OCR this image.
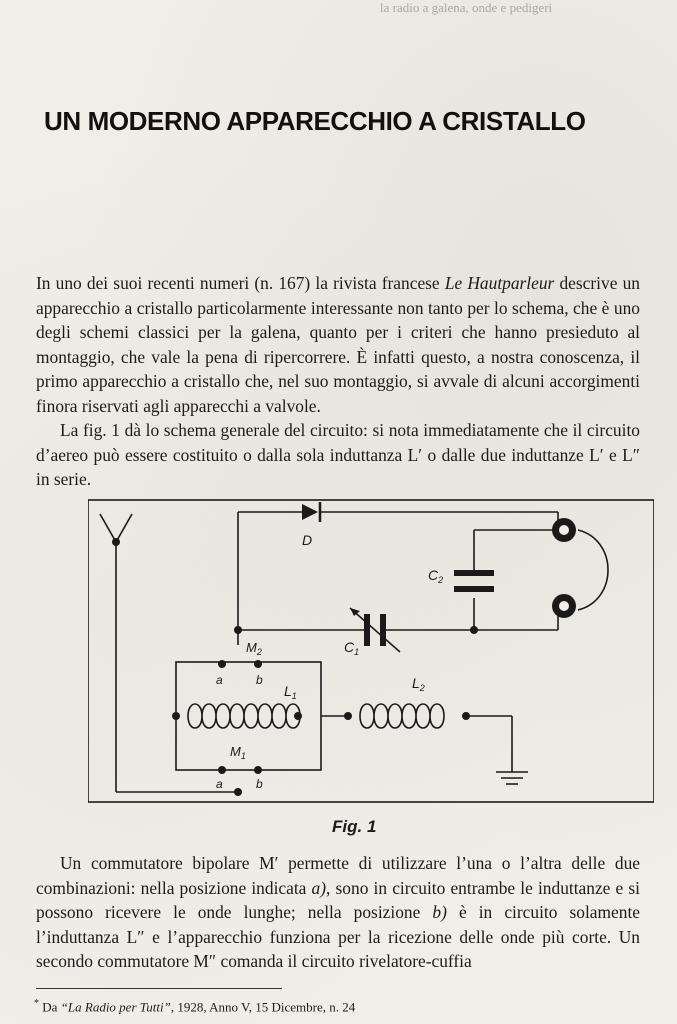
la radio a galena, onde e pedigeri
UN MODERNO APPARECCHIO A CRISTALLO

In uno dei suoi recenti numeri (n. 167) la rivista francese Le Hautparleur descrive un apparecchio a cristallo particolarmente interessante non tanto per lo schema, che è uno degli schemi classici per la galena, quanto per i criteri che hanno presieduto al montaggio, che vale la pena di ripercorrere. È infatti questo, a nostra conoscenza, il primo apparecchio a cristallo che, nel suo montaggio, si avvale di alcuni accorgimenti finora riservati agli apparecchi a valvole.

La fig. 1 dà lo schema generale del circuito: si nota immediatamente che il circuito d’aereo può essere costituito o dalla sola induttanza L′ o dalle due induttanze L′ e L″ in serie.

D
$C_2$
$C_1$
$M_2$
$M_1$
$L_1$
$L_2$
a	b
a	b
Fig. 1

Un commutatore bipolare M′ permette di utilizzare l’una o l’altra delle due combinazioni: nella posizione indicata a), sono in circuito entrambe le induttanze e si possono ricevere le onde lunghe; nella posizione b) è in circuito solamente l’induttanza L″ e l’apparecchio funziona per la ricezione delle onde più corte. Un secondo commutatore M″ comanda il circuito rivelatore-cuffia

* Da “La Radio per Tutti”, 1928, Anno V, 15 Dicembre, n. 24
